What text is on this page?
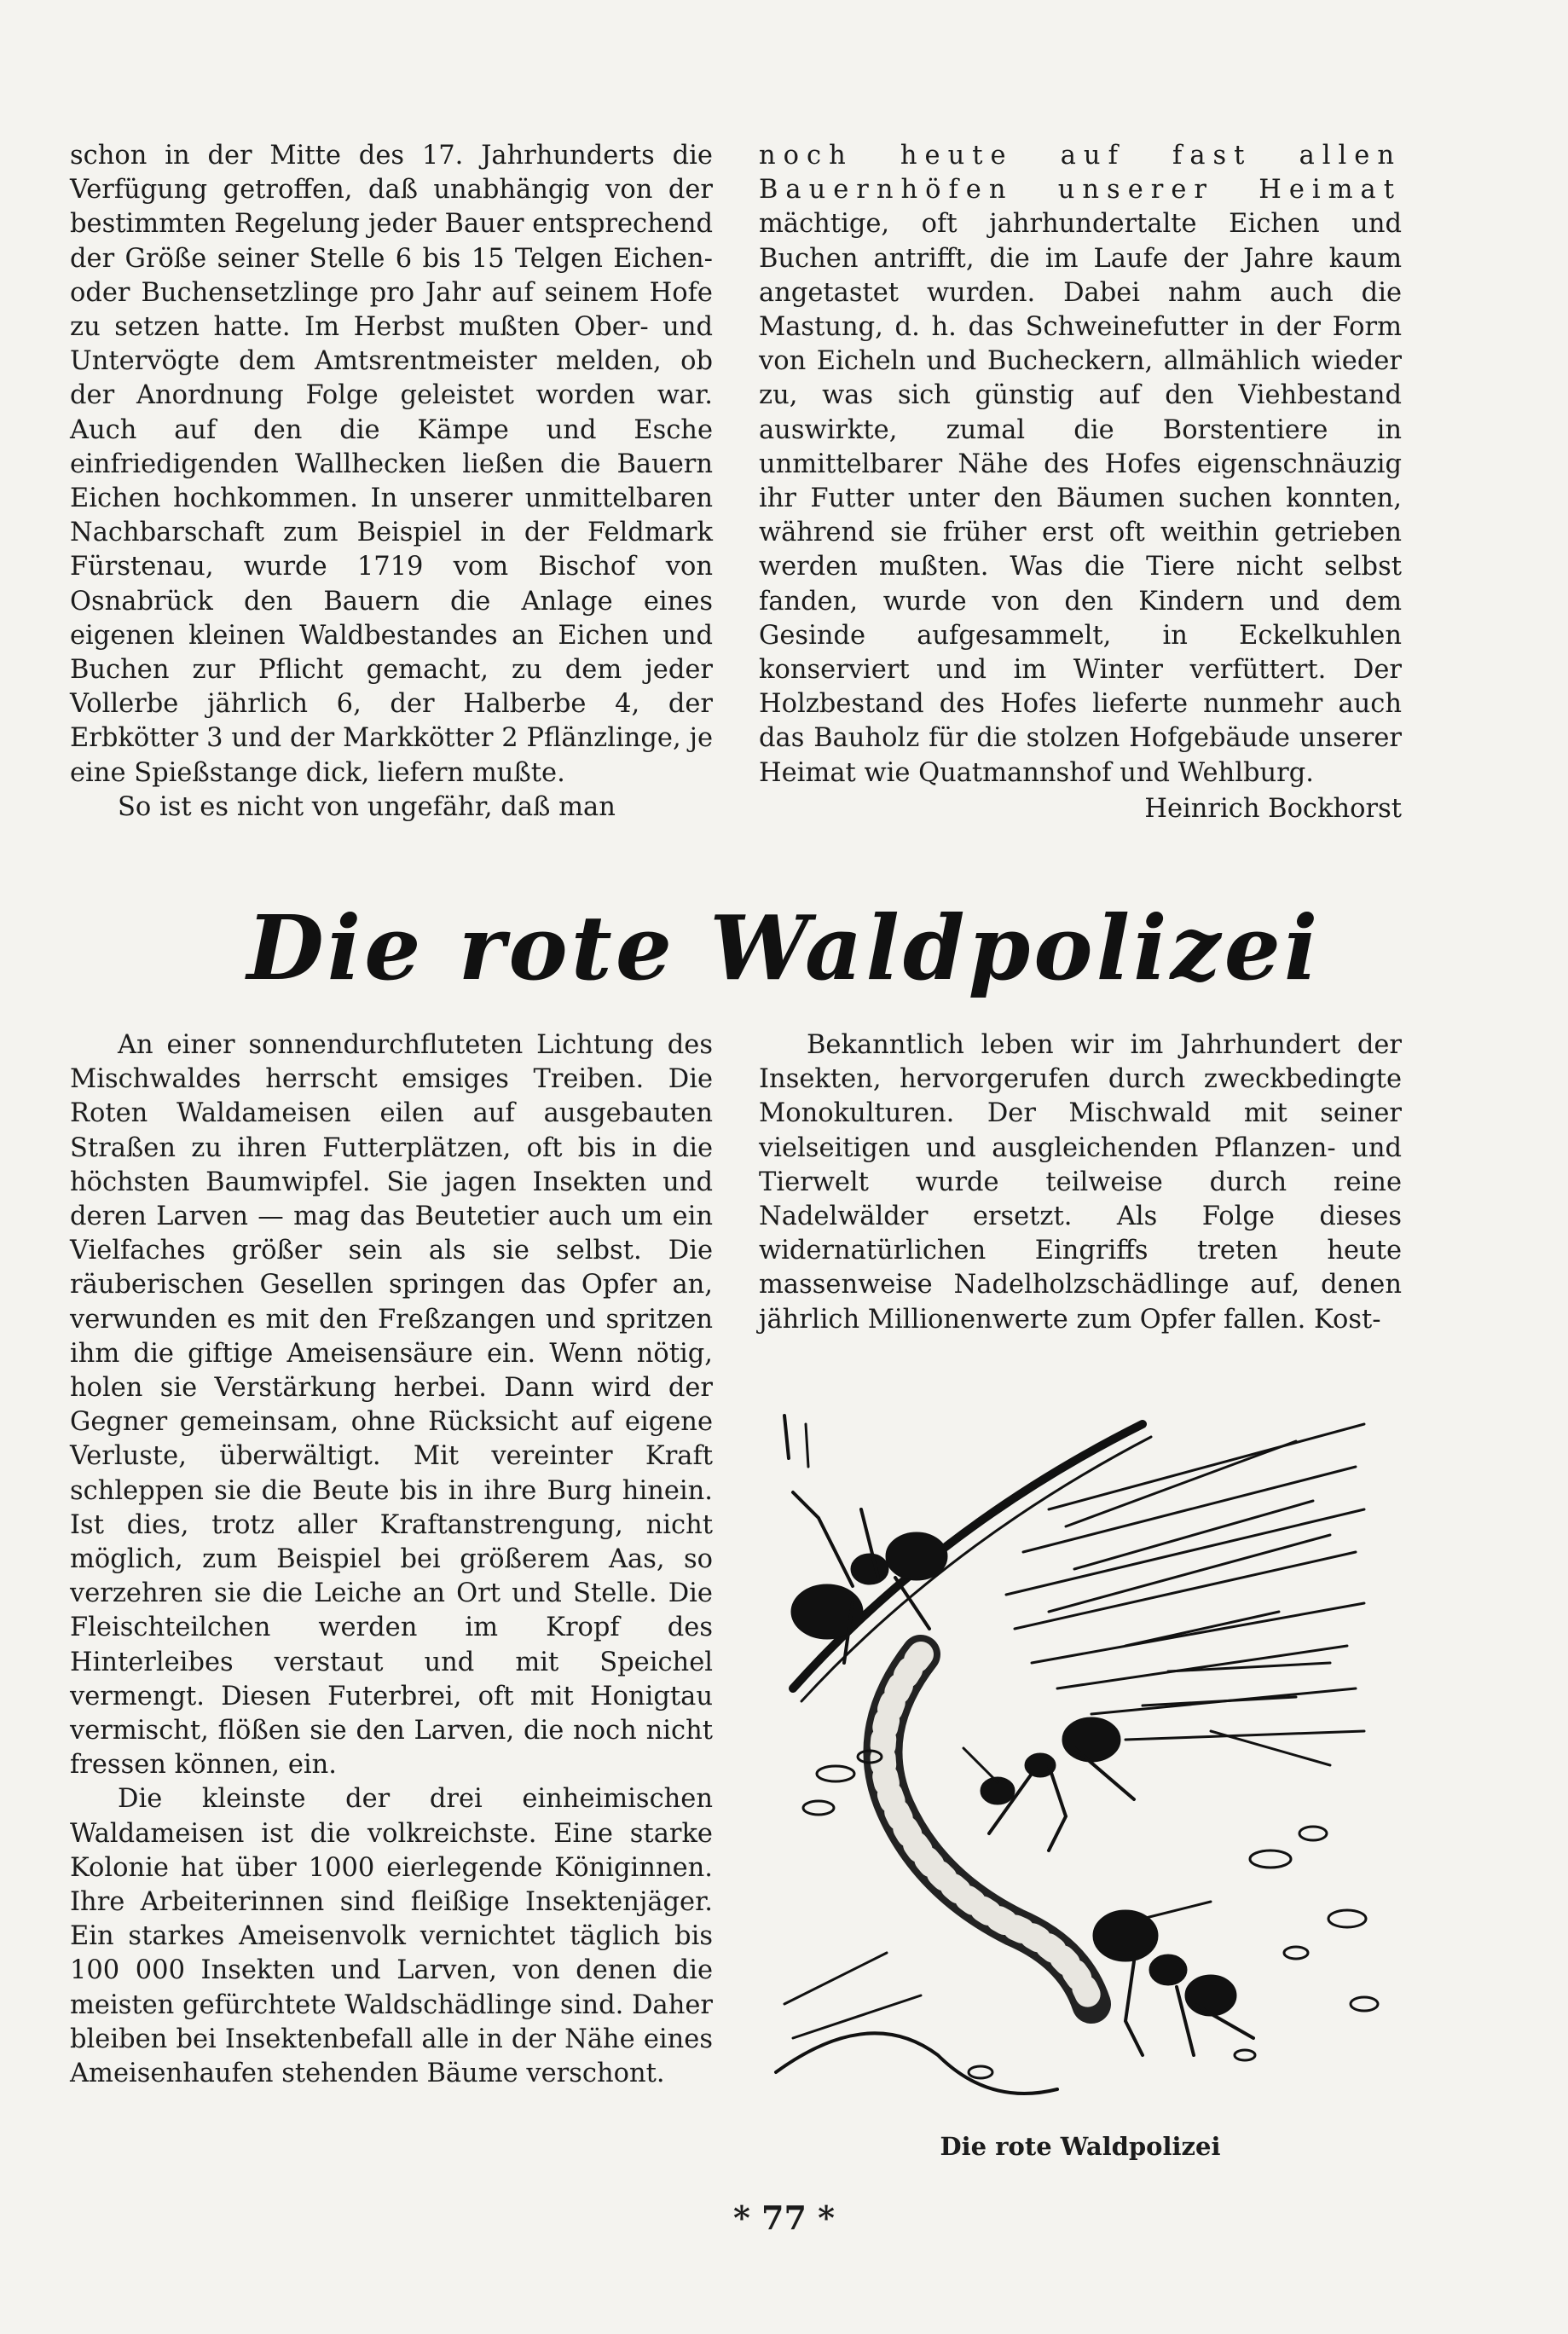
schon in der Mitte des 17. Jahrhunderts die Verfügung getroffen, daß unabhängig von der bestimmten Regelung jeder Bauer entsprechend der Größe seiner Stelle 6 bis 15 Telgen Eichen- oder Buchensetzlinge pro Jahr auf seinem Hofe zu setzen hatte. Im Herbst mußten Ober- und Untervögte dem Amtsrentmeister melden, ob der Anordnung Folge geleistet worden war. Auch auf den die Kämpe und Esche einfriedigenden Wallhecken ließen die Bauern Eichen hochkommen. In unserer unmittelbaren Nachbarschaft zum Beispiel in der Feldmark Fürstenau, wurde 1719 vom Bischof von Osnabrück den Bauern die Anlage eines eigenen kleinen Waldbestandes an Eichen und Buchen zur Pflicht gemacht, zu dem jeder Vollerbe jährlich 6, der Halberbe 4, der Erbkötter 3 und der Markkötter 2 Pflänzlinge, je eine Spießstange dick, liefern mußte.

So ist es nicht von ungefähr, daß man

noch heute auf fast allen Bauernhöfen unserer Heimat mächtige, oft jahrhundertalte Eichen und Buchen antrifft, die im Laufe der Jahre kaum angetastet wurden. Dabei nahm auch die Mastung, d. h. das Schweinefutter in der Form von Eicheln und Bucheckern, allmählich wieder zu, was sich günstig auf den Viehbestand auswirkte, zumal die Borstentiere in unmittelbarer Nähe des Hofes eigenschnäuzig ihr Futter unter den Bäumen suchen konnten, während sie früher erst oft weithin getrieben werden mußten. Was die Tiere nicht selbst fanden, wurde von den Kindern und dem Gesinde aufgesammelt, in Eckelkuhlen konserviert und im Winter verfüttert. Der Holzbestand des Hofes lieferte nunmehr auch das Bauholz für die stolzen Hofgebäude unserer Heimat wie Quatmannshof und Wehlburg.

Heinrich Bockhorst

Die rote Waldpolizei

An einer sonnendurchfluteten Lichtung des Mischwaldes herrscht emsiges Treiben. Die Roten Waldameisen eilen auf ausgebauten Straßen zu ihren Futterplätzen, oft bis in die höchsten Baumwipfel. Sie jagen Insekten und deren Larven — mag das Beutetier auch um ein Vielfaches größer sein als sie selbst. Die räuberischen Gesellen springen das Opfer an, verwunden es mit den Freßzangen und spritzen ihm die giftige Ameisensäure ein. Wenn nötig, holen sie Verstärkung herbei. Dann wird der Gegner gemeinsam, ohne Rücksicht auf eigene Verluste, überwältigt. Mit vereinter Kraft schleppen sie die Beute bis in ihre Burg hinein. Ist dies, trotz aller Kraftanstrengung, nicht möglich, zum Beispiel bei größerem Aas, so verzehren sie die Leiche an Ort und Stelle. Die Fleischteilchen werden im Kropf des Hinterleibes verstaut und mit Speichel vermengt. Diesen Futerbrei, oft mit Honigtau vermischt, flößen sie den Larven, die noch nicht fressen können, ein.

Die kleinste der drei einheimischen Waldameisen ist die volkreichste. Eine starke Kolonie hat über 1000 eierlegende Königinnen. Ihre Arbeiterinnen sind fleißige Insektenjäger. Ein starkes Ameisenvolk vernichtet täglich bis 100 000 Insekten und Larven, von denen die meisten gefürchtete Waldschädlinge sind. Daher bleiben bei Insektenbefall alle in der Nähe eines Ameisenhaufen stehenden Bäume verschont.

Bekanntlich leben wir im Jahrhundert der Insekten, hervorgerufen durch zweckbedingte Monokulturen. Der Mischwald mit seiner vielseitigen und ausgleichenden Pflanzen- und Tierwelt wurde teilweise durch reine Nadelwälder ersetzt. Als Folge dieses widernatürlichen Eingriffs treten heute massenweise Nadelholzschädlinge auf, denen jährlich Millionenwerte zum Opfer fallen. Kost-

Die rote Waldpolizei
* 77 *
